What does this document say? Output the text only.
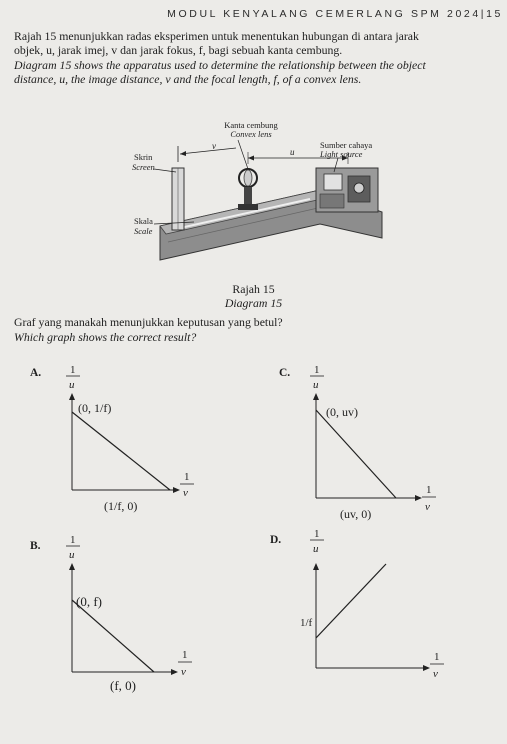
MODUL KENYALANG CEMERLANG SPM 2024|15
Rajah 15 menunjukkan radas eksperimen untuk menentukan hubungan di antara jarak
objek, u, jarak imej, v dan jarak fokus, f, bagi sebuah kanta cembung.
Diagram 15 shows the apparatus used to determine the relationship between the object
distance, u, the image distance, v and the focal length, f, of a convex lens.
v
u
Kanta cembung
Convex lens
Skrin
Screen
Sumber cahaya
Light source
Skala
Scale
Rajah 15
Diagram 15
Graf yang manakah menunjukkan keputusan yang betul?
Which graph shows the correct result?
A.	1
u
(0, 1/f)
(1/f, 0)
1
v
C. 1
u
(0, uv)
(uv, 0)
1
v
B.	1
u
(0, f)
(f, 0)
1
v
D.	1
u
1/f
1
v
